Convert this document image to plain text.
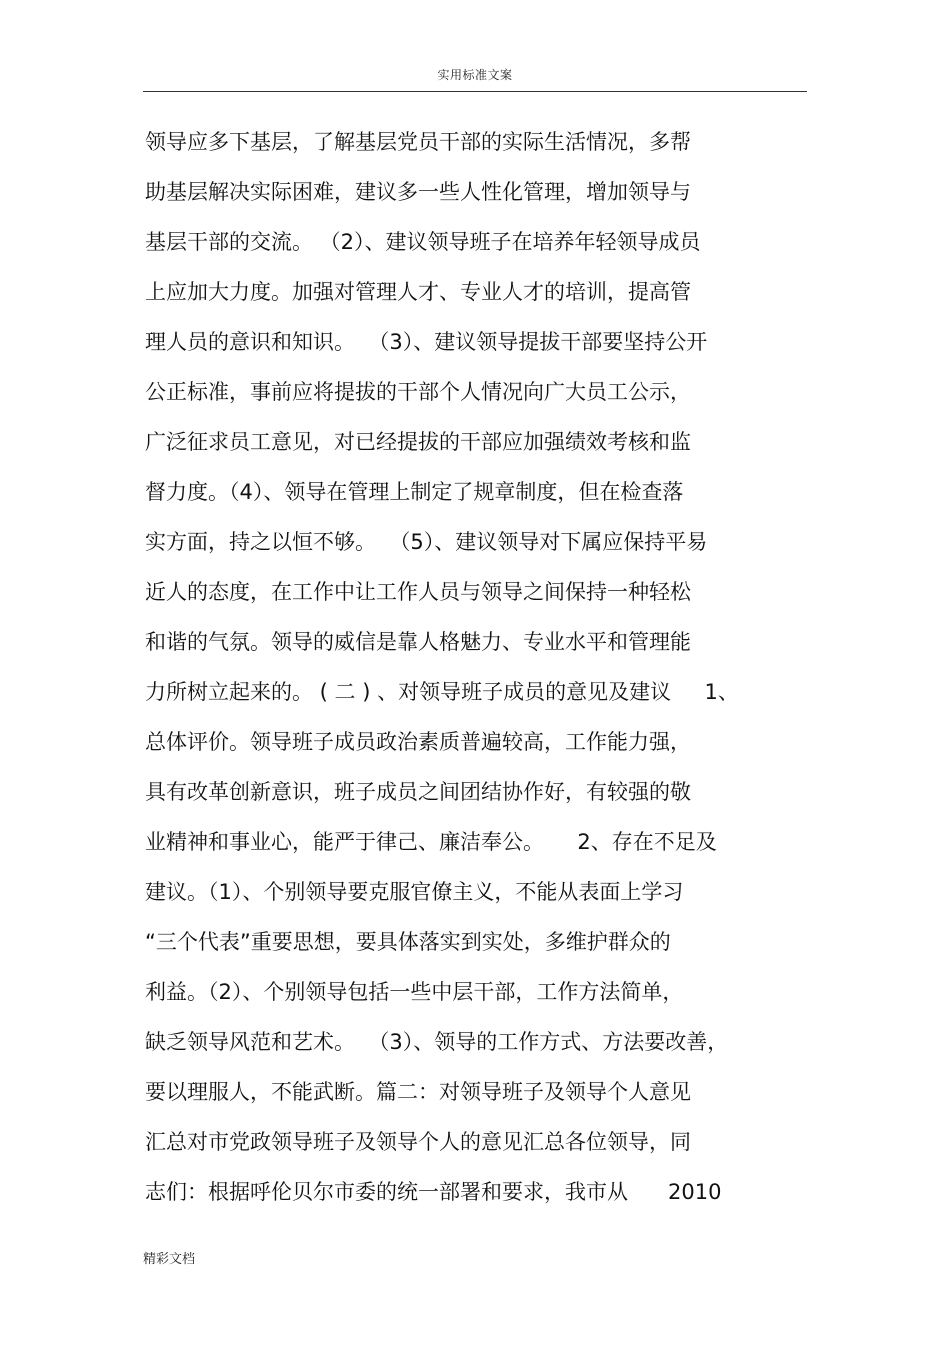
实用标准文案
领导应多下基层，了解基层党员干部的实际生活情况，多帮
助基层解决实际困难，建议多一些人性化管理，增加领导与
基层干部的交流。 （2）、建议领导班子在培养年轻领导成员
上应加大力度。加强对管理人才、专业人才的培训，提高管
理人员的意识和知识。  （3）、建议领导提拔干部要坚持公开
公正标准，事前应将提拔的干部个人情况向广大员工公示，
广泛征求员工意见，对已经提拔的干部应加强绩效考核和监
督力度。（4）、领导在管理上制定了规章制度，但在检查落
实方面，持之以恒不够。  （5）、建议领导对下属应保持平易
近人的态度，在工作中让工作人员与领导之间保持一种轻松
和谐的气氛。领导的威信是靠人格魅力、专业水平和管理能
力所树立起来的。 ( 二 ) 、对领导班子成员的意见及建议     1、
总体评价。领导班子成员政治素质普遍较高，工作能力强，
具有改革创新意识，班子成员之间团结协作好，有较强的敬
业精神和事业心，能严于律己、廉洁奉公。     2、存在不足及
建议。（1）、个别领导要克服官僚主义，不能从表面上学习
“三个代表”重要思想，要具体落实到实处，多维护群众的
利益。（2）、个别领导包括一些中层干部，工作方法简单，
缺乏领导风范和艺术。  （3）、领导的工作方式、方法要改善，
要以理服人，不能武断。篇二：对领导班子及领导个人意见
汇总对市党政领导班子及领导个人的意见汇总各位领导，同
志们：根据呼伦贝尔市委的统一部署和要求，我市从      2010
精彩文档
